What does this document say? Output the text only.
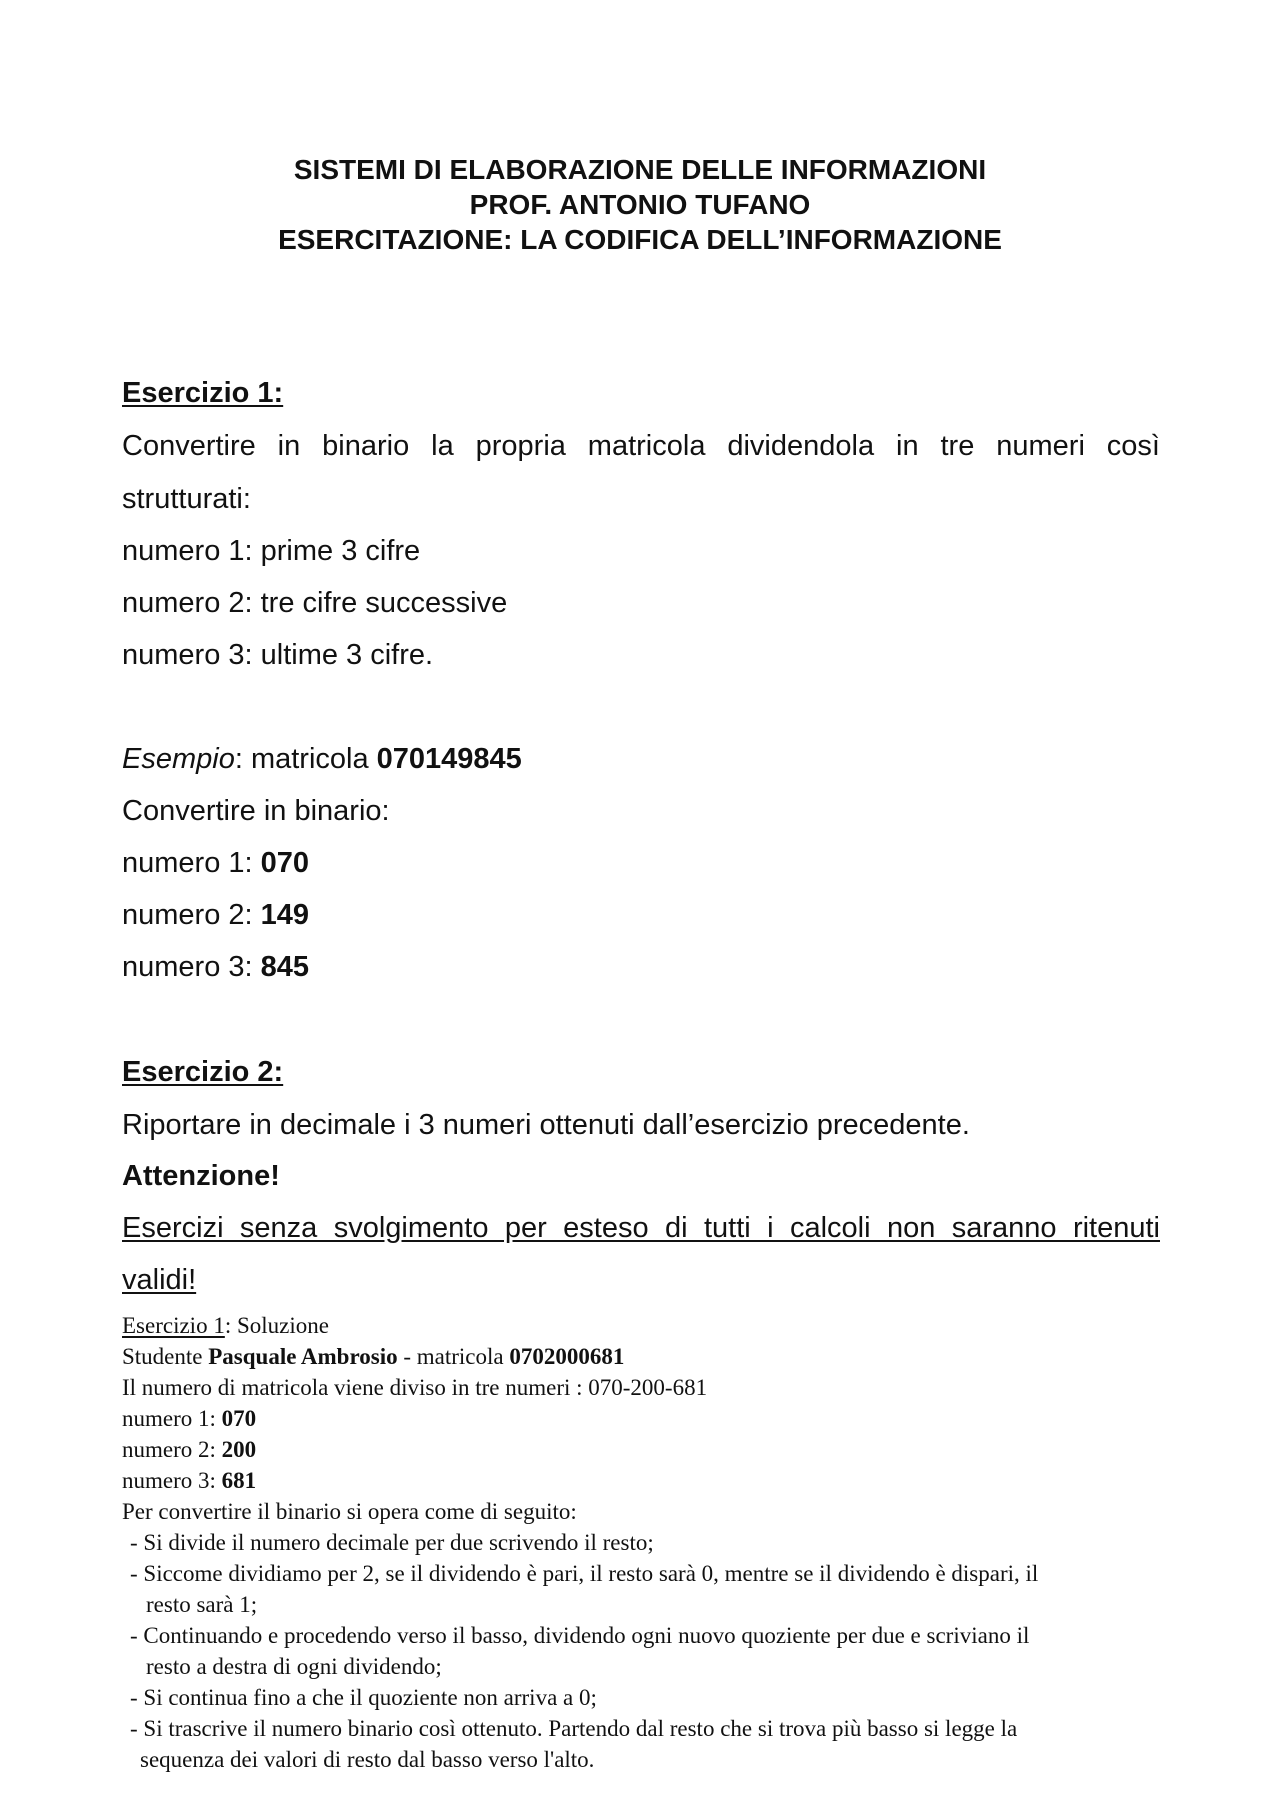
SISTEMI DI ELABORAZIONE DELLE INFORMAZIONI
PROF. ANTONIO TUFANO
ESERCITAZIONE: LA CODIFICA DELL’INFORMAZIONE
Esercizio 1:
Convertire in binario la propria matricola dividendola in tre numeri così
strutturati:
numero 1: prime 3 cifre
numero 2: tre cifre successive
numero 3: ultime 3 cifre.
Esempio: matricola 070149845
Convertire in binario:
numero 1: 070
numero 2: 149
numero 3: 845
Esercizio 2:
Riportare in decimale i 3 numeri ottenuti dall’esercizio precedente.
Attenzione!
Esercizi senza svolgimento per esteso di tutti i calcoli non saranno ritenuti
validi!
Esercizio 1: Soluzione
Studente Pasquale Ambrosio - matricola 0702000681
Il numero di matricola viene diviso in tre numeri : 070-200-681
numero 1: 070
numero 2: 200
numero 3: 681
Per convertire il binario si opera come di seguito:
- Si divide il numero decimale per due scrivendo il resto;
- Siccome dividiamo per 2, se il dividendo è pari, il resto sarà 0, mentre se il dividendo è dispari, il
resto sarà 1;
- Continuando e procedendo verso il basso, dividendo ogni nuovo quoziente per due e scriviano il
resto a destra di ogni dividendo;
- Si continua fino a che il quoziente non arriva a 0;
- Si trascrive il numero binario così ottenuto. Partendo dal resto che si trova più basso si legge la
sequenza dei valori di resto dal basso verso l'alto.
